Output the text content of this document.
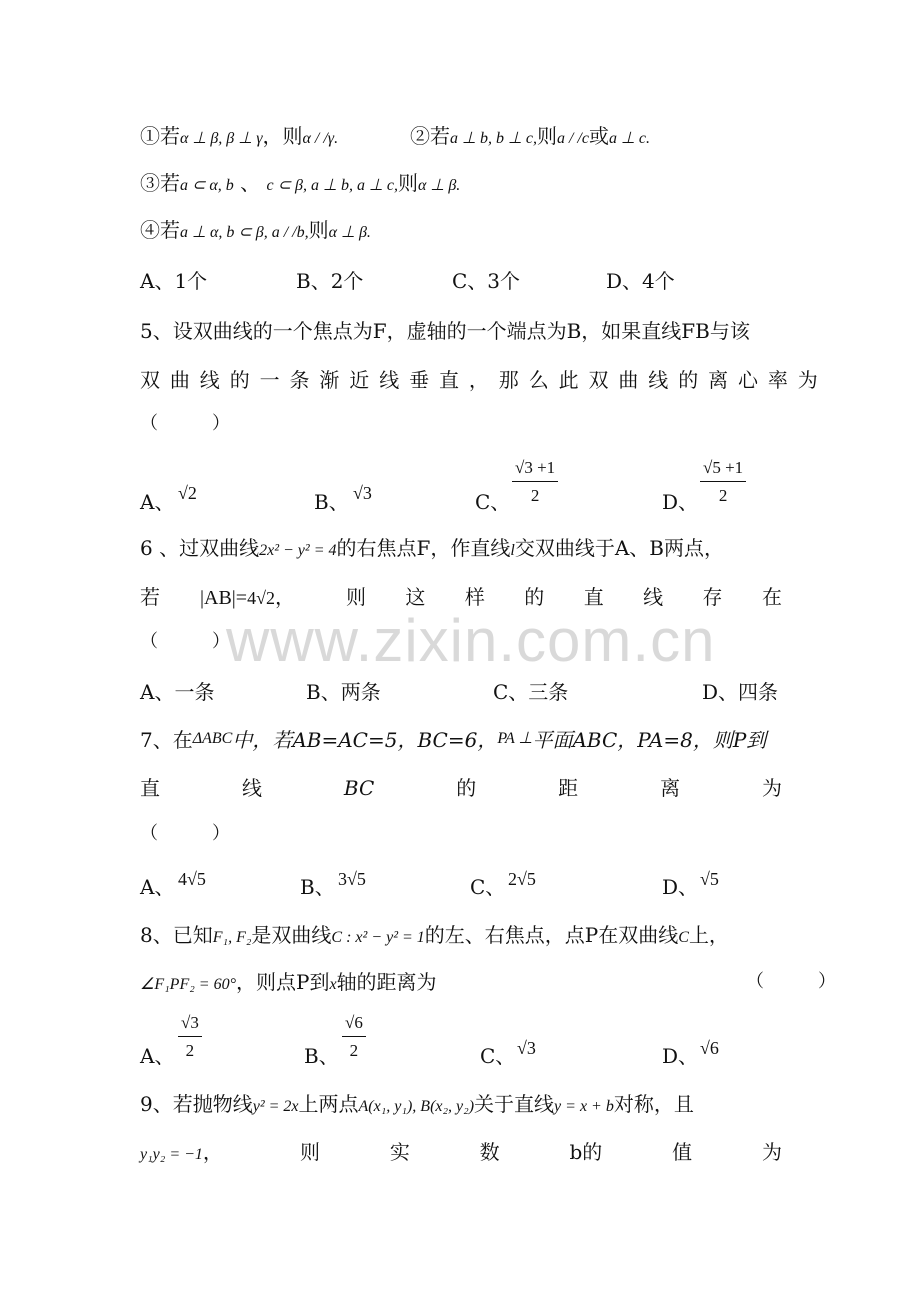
www.zixin.com.cn
①若α ⊥ β, β ⊥ γ，则α / /γ.	②若a ⊥ b, b ⊥ c,则a / /c或a ⊥ c.
③若a ⊂ α, b 、 c ⊂ β, a ⊥ b, a ⊥ c,则α ⊥ β.
④若a ⊥ α, b ⊂ β, a / /b,则α ⊥ β.
A、1个	B、2个	C、3个	D、4个
5、设双曲线的一个焦点为F，虚轴的一个端点为B，如果直线FB与该
双曲线的一条渐近线垂直，那么此双曲线的离心率为
（　　　）
A、 √2	B、 √3	C、 $\frac{√3 +1}{2}$	D、 $\frac{√5 +1}{2}$
6 、过双曲线2x² − y² = 4的右焦点F，作直线l交双曲线于A、B两点，
若 |AB|=4√2，	则 这 样 的 直 线 存 在
（　　　）
A、一条	B、两条	C、三条	D、四条
7、在$^{\Delta ABC}$中，若AB=AC=5，BC=6，$^{PA \perp}$平面ABC，PA=8，则P到
直	线	BC	的	距	离	为
（　　　）
A、 4√5	B、 3√5	C、 2√5	D、 √5
8、已知F₁, F₂是双曲线C : x² − y² = 1的左、右焦点，点P在双曲线C上，
∠F₁PF₂ = 60°，则点P到x轴的距离为	（　　　）
A、 $\frac{√3}{2}$	B、 $\frac{√6}{2}$	C、 √3	D、 √6
9、若抛物线y² = 2x上两点A(x₁, y₁), B(x₂, y₂)关于直线y = x + b对称，且
y₁y₂ = −1，	则	实	数	b的	值	为
